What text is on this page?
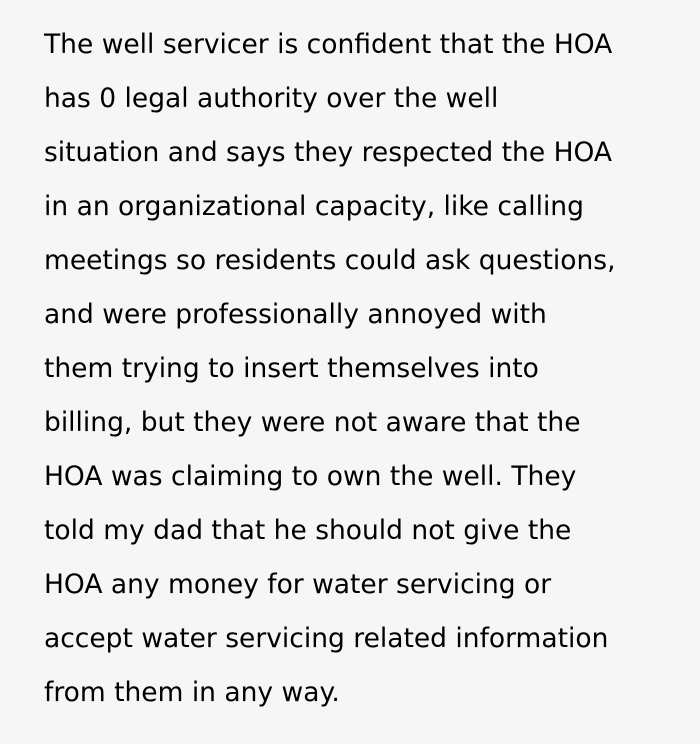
The well servicer is confident that the HOA
has 0 legal authority over the well
situation and says they respected the HOA
in an organizational capacity, like calling
meetings so residents could ask questions,
and were professionally annoyed with
them trying to insert themselves into
billing, but they were not aware that the
HOA was claiming to own the well. They
told my dad that he should not give the
HOA any money for water servicing or
accept water servicing related information
from them in any way.
